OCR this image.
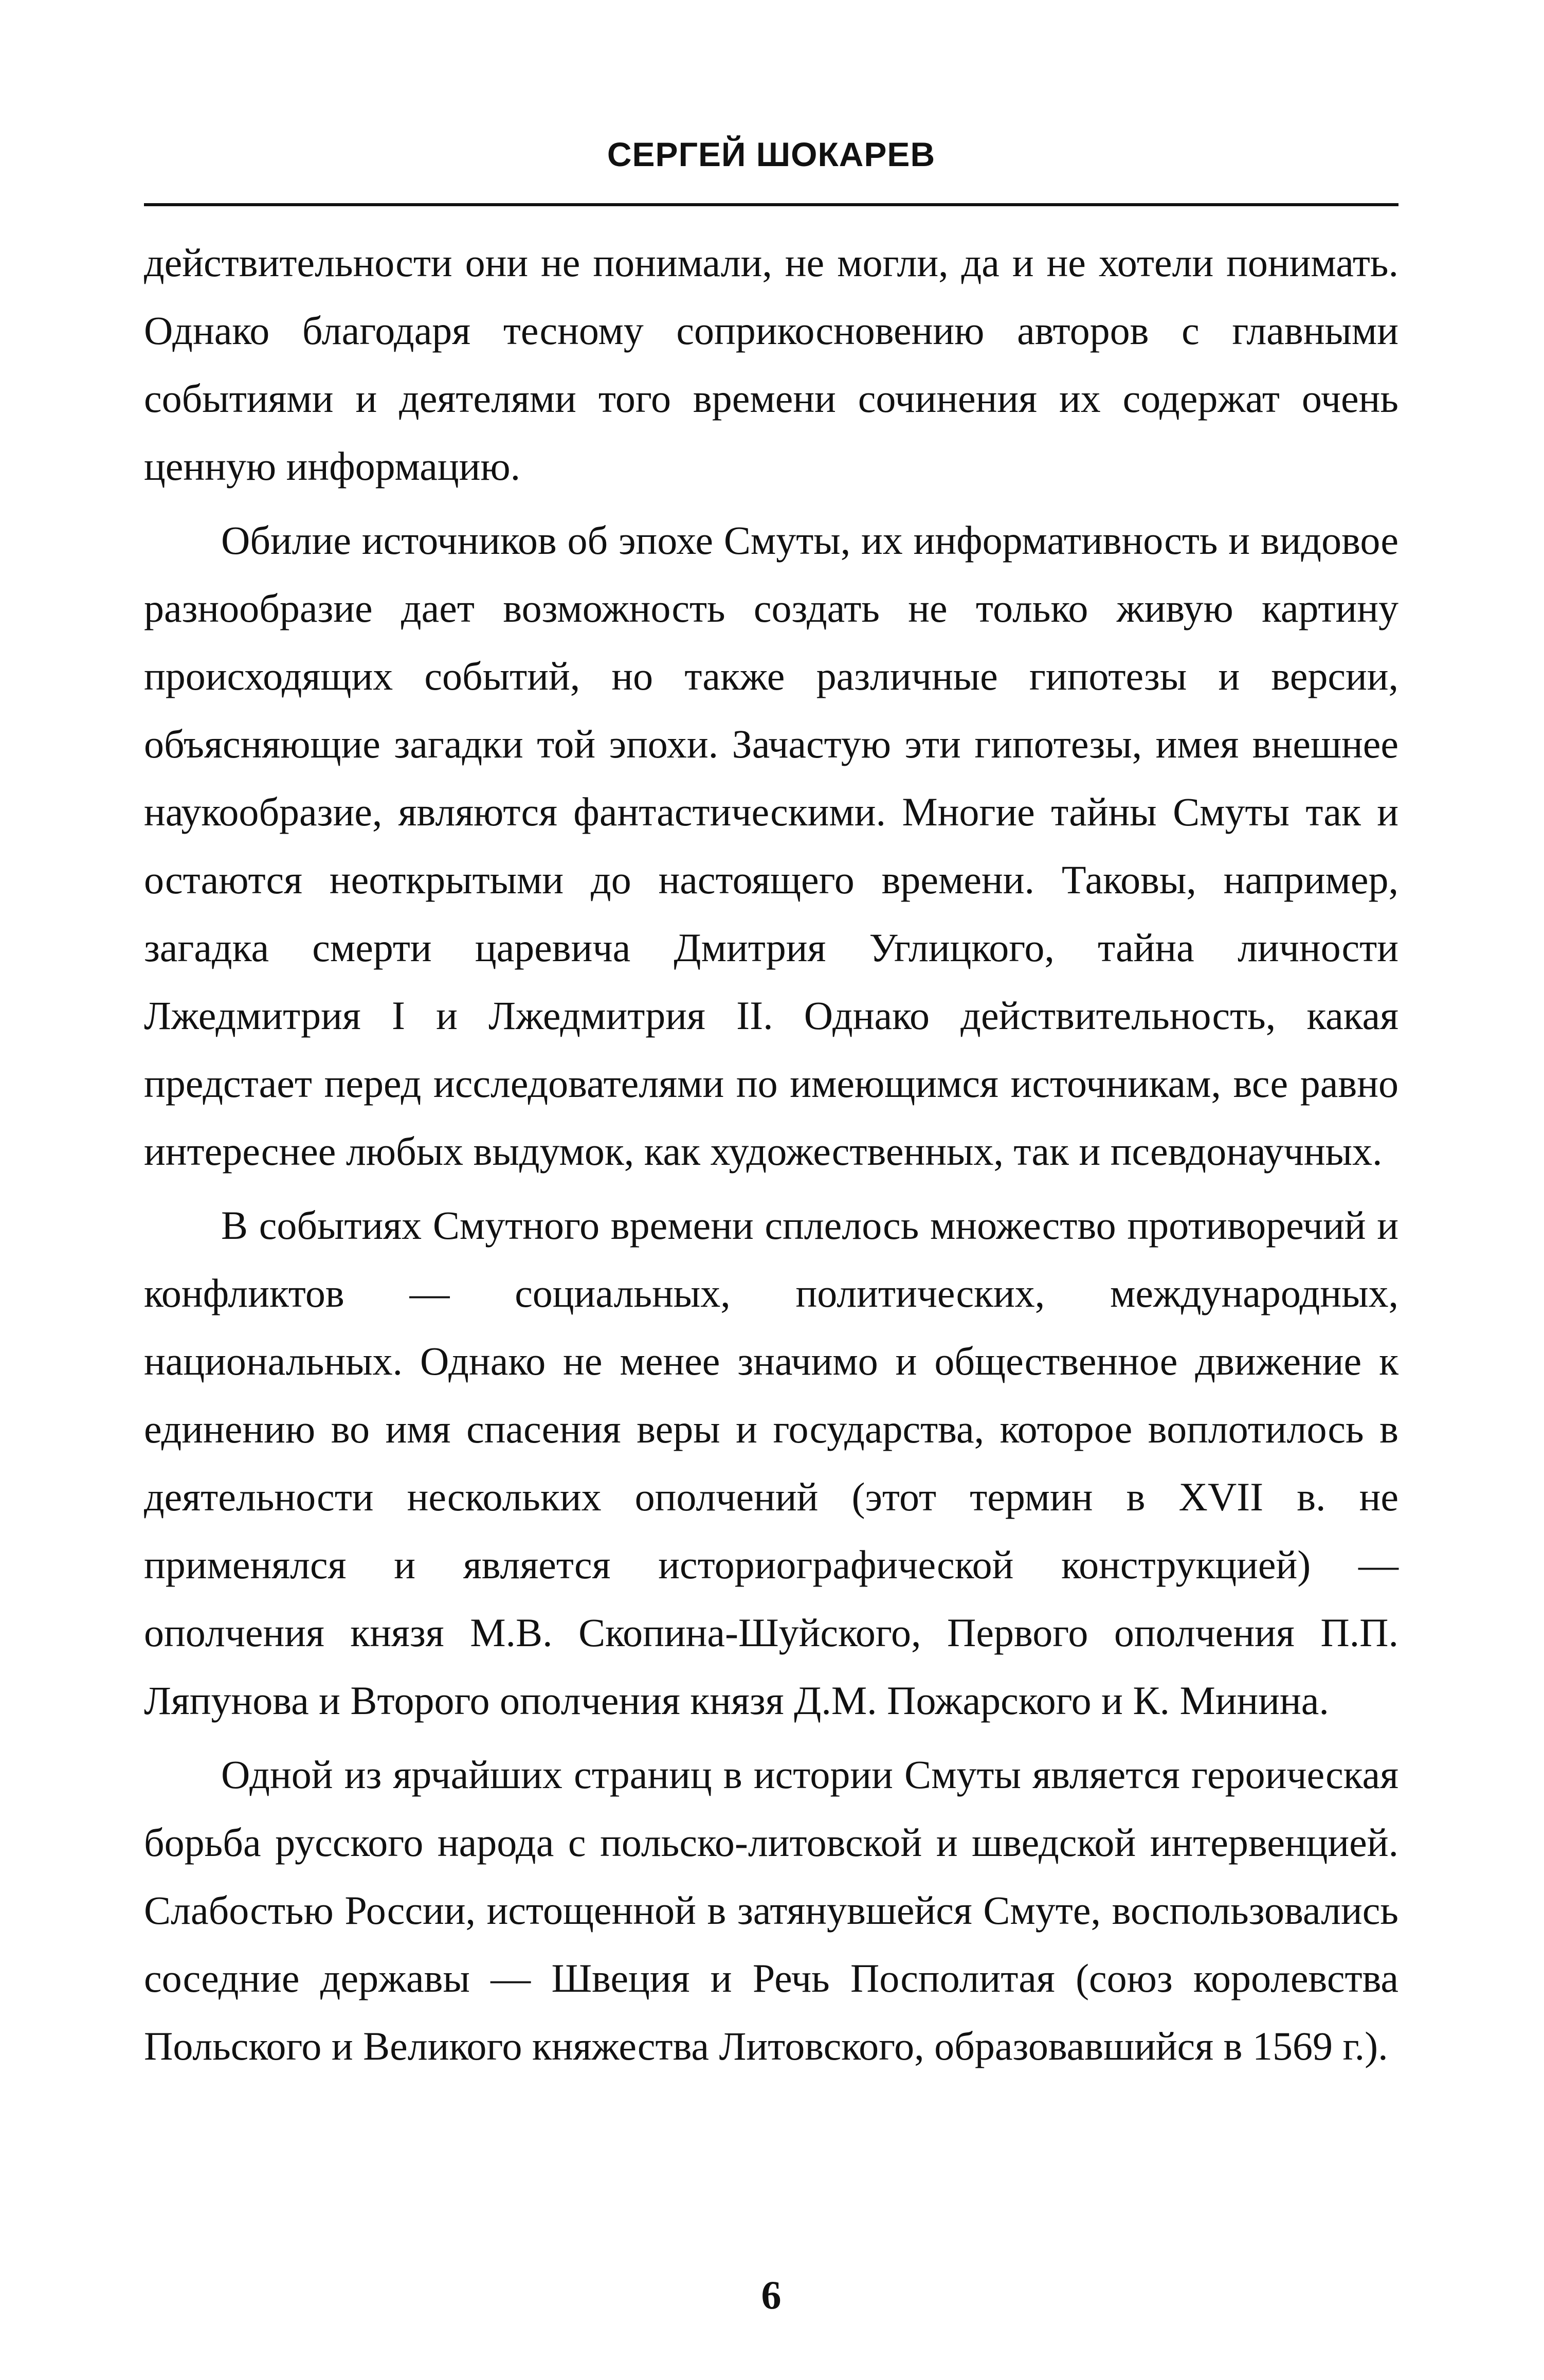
СЕРГЕЙ ШОКАРЕВ

действительности они не понимали, не могли, да и не хотели понимать. Однако благодаря тесному соприкосновению авторов с главными событиями и деятелями того времени сочинения их содержат очень ценную информацию.

Обилие источников об эпохе Смуты, их информативность и видовое разнообразие дает возможность создать не только живую картину происходящих событий, но также различные гипотезы и версии, объясняющие загадки той эпохи. Зачастую эти гипотезы, имея внешнее наукообразие, являются фантастическими. Многие тайны Смуты так и остаются неоткрытыми до настоящего времени. Таковы, например, загадка смерти царевича Дмитрия Углицкого, тайна личности Лжедмитрия I и Лжедмитрия II. Однако действительность, какая предстает перед исследователями по имеющимся источникам, все равно интереснее любых выдумок, как художественных, так и псевдонаучных.

В событиях Смутного времени сплелось множество противоречий и конфликтов — социальных, политических, международных, национальных. Однако не менее значимо и общественное движение к единению во имя спасения веры и государства, которое воплотилось в деятельности нескольких ополчений (этот термин в XVII в. не применялся и является историографической конструкцией) — ополчения князя М.В. Скопина-Шуйского, Первого ополчения П.П. Ляпунова и Второго ополчения князя Д.М. Пожарского и К. Минина.

Одной из ярчайших страниц в истории Смуты является героическая борьба русского народа с польско-литовской и шведской интервенцией. Слабостью России, истощенной в затянувшейся Смуте, воспользовались соседние державы — Швеция и Речь Посполитая (союз королевства Польского и Великого княжества Литовского, образовавшийся в 1569 г.).

6
